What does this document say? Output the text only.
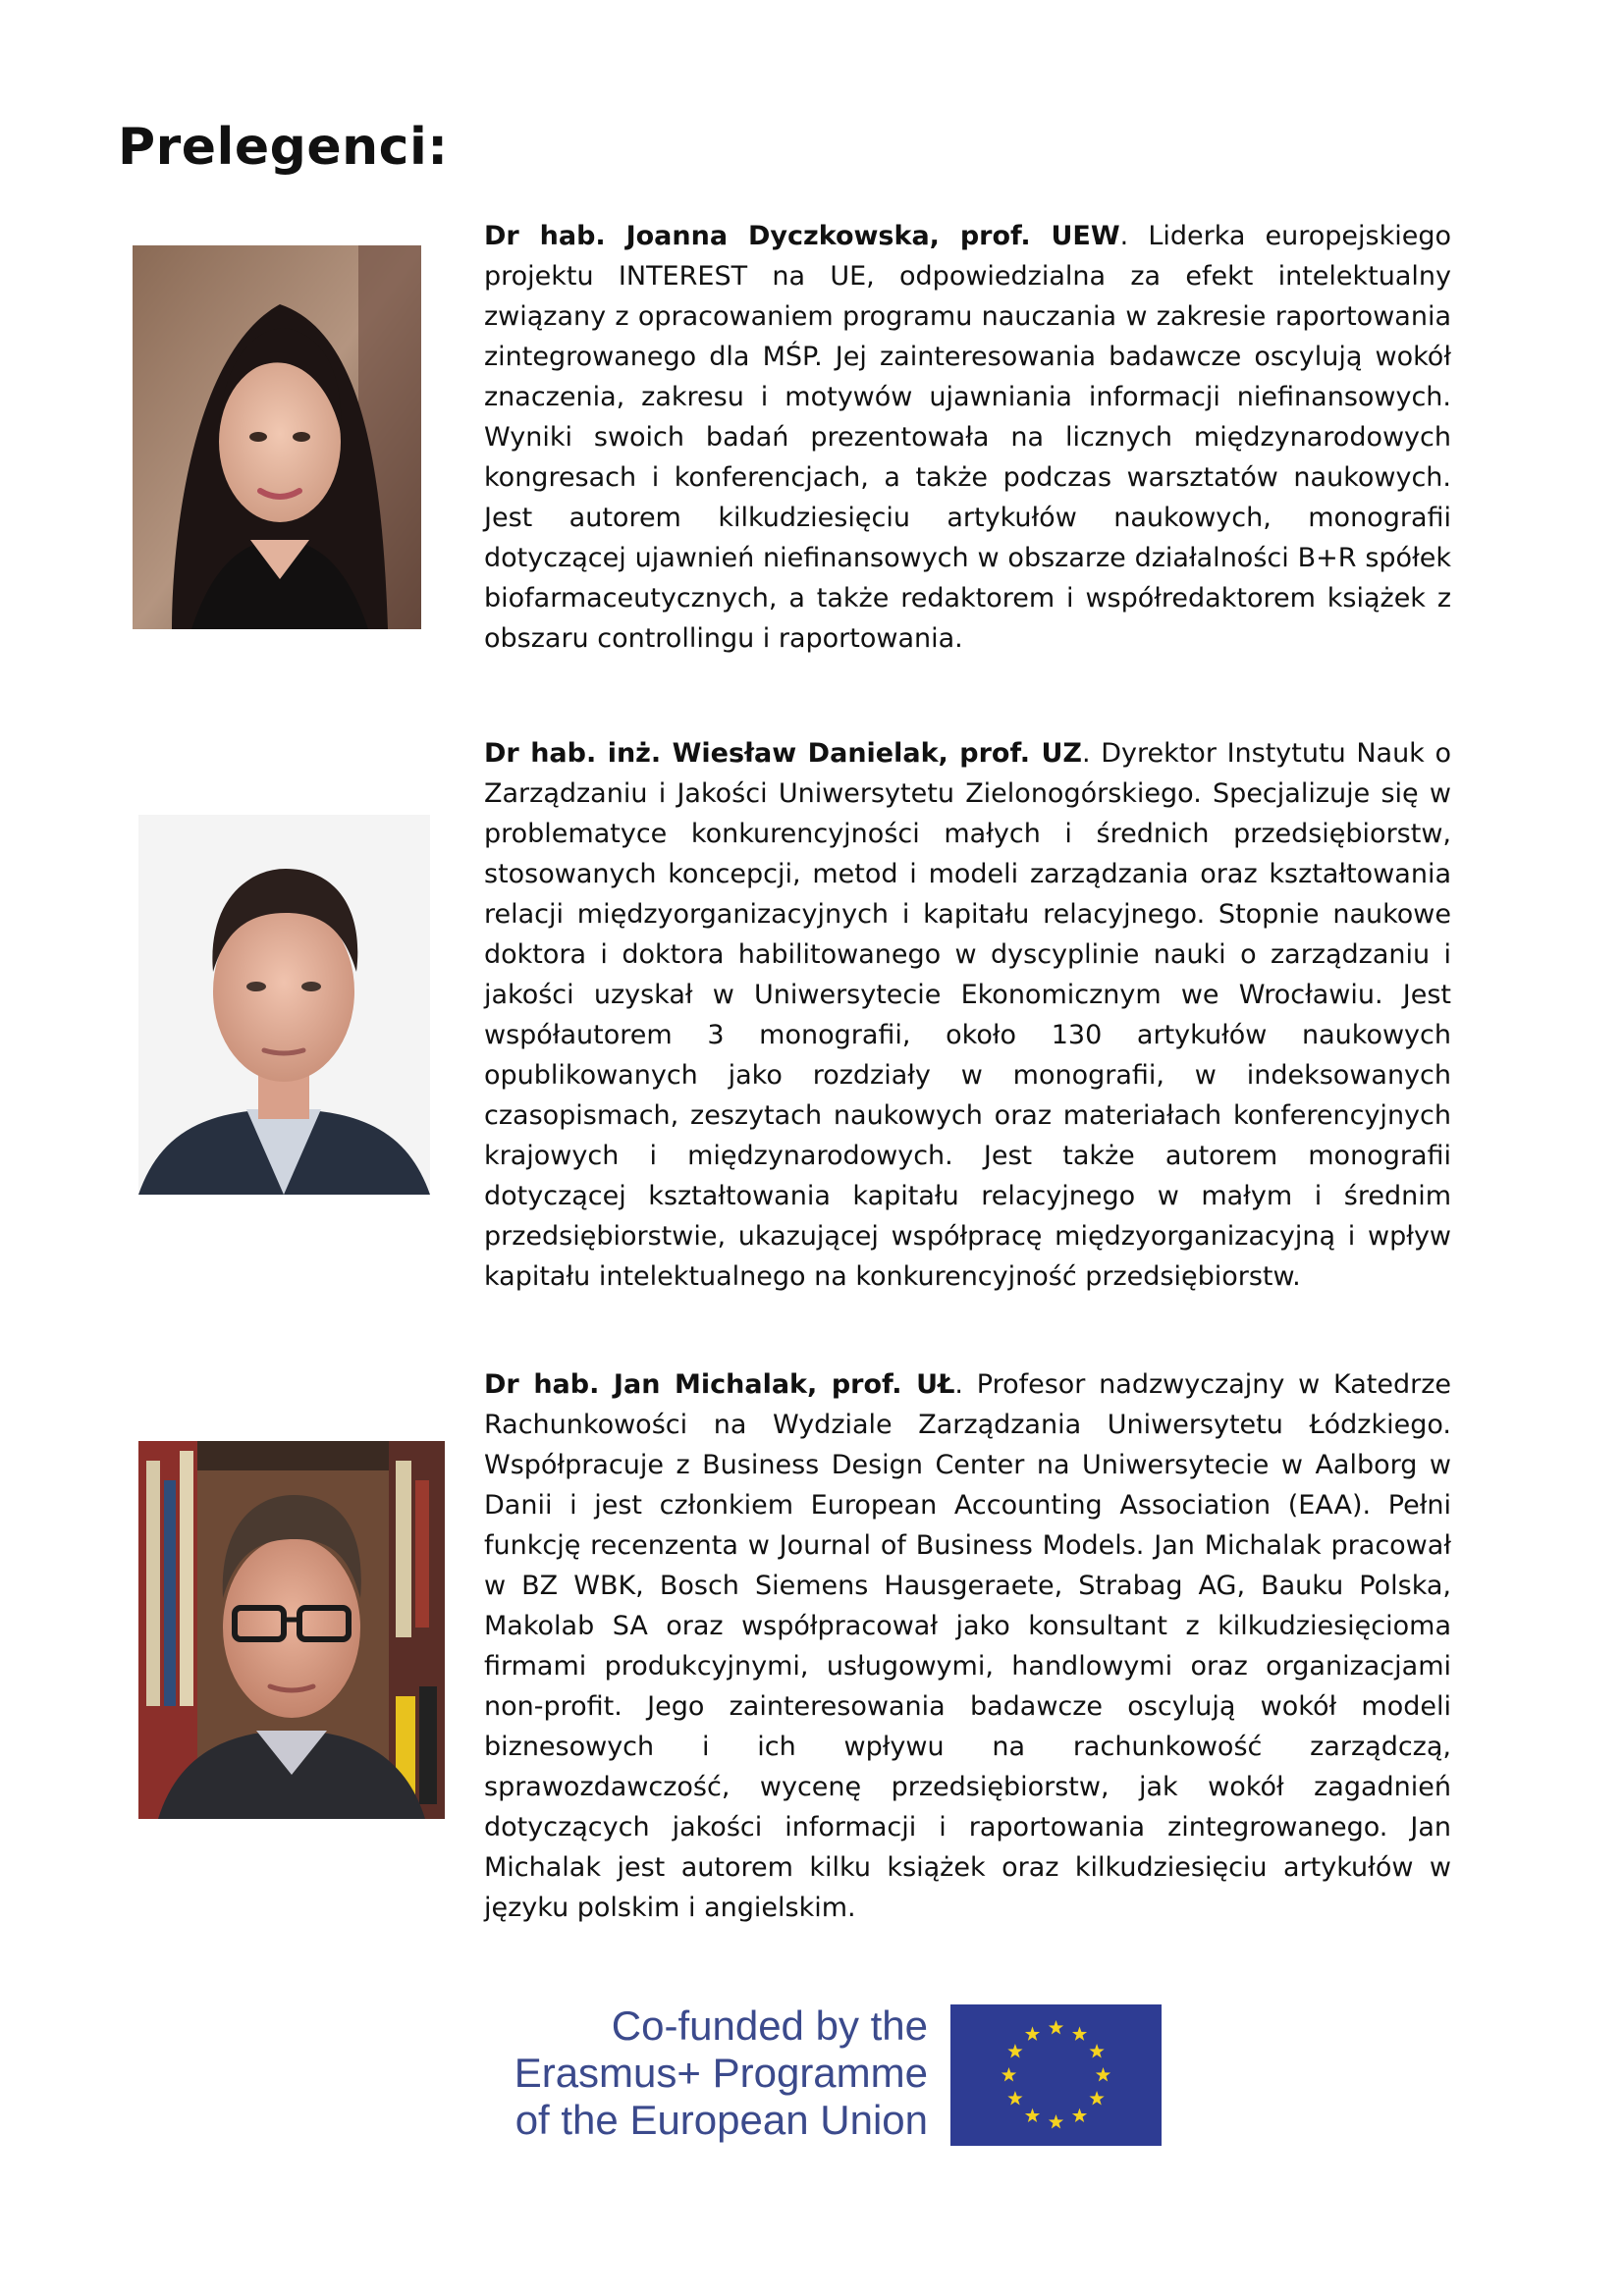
Prelegenci:

Dr hab. Joanna Dyczkowska, prof. UEW. Liderka europejskiego projektu INTEREST na UE, odpowiedzialna za efekt intelektualny związany z opracowaniem programu nauczania w zakresie raportowania zintegrowanego dla MŚP. Jej zainteresowania badawcze oscylują wokół znaczenia, zakresu i motywów ujawniania informacji niefinansowych. Wyniki swoich badań prezentowała na licznych międzynarodowych kongresach i konferencjach, a także podczas warsztatów naukowych. Jest autorem kilkudziesięciu artykułów naukowych, monografii dotyczącej ujawnień niefinansowych w obszarze działalności B+R spółek biofarmaceutycznych, a także redaktorem i współredaktorem książek z obszaru controllingu i raportowania.

Dr hab. inż. Wiesław Danielak, prof. UZ. Dyrektor Instytutu Nauk o Zarządzaniu i Jakości Uniwersytetu Zielonogórskiego. Specjalizuje się w problematyce konkurencyjności małych i średnich przedsiębiorstw, stosowanych koncepcji, metod i modeli zarządzania oraz kształtowania relacji międzyorganizacyjnych i kapitału relacyjnego. Stopnie naukowe doktora i doktora habilitowanego w dyscyplinie nauki o zarządzaniu i jakości uzyskał w Uniwersytecie Ekonomicznym we Wrocławiu. Jest współautorem 3 monografii, około 130 artykułów naukowych opublikowanych jako rozdziały w monografii, w indeksowanych czasopismach, zeszytach naukowych oraz materiałach konferencyjnych krajowych i międzynarodowych. Jest także autorem monografii dotyczącej kształtowania kapitału relacyjnego w małym i średnim przedsiębiorstwie, ukazującej współpracę międzyorganizacyjną i wpływ kapitału intelektualnego na konkurencyjność przedsiębiorstw.

Dr hab. Jan Michalak, prof. UŁ. Profesor nadzwyczajny w Katedrze Rachunkowości na Wydziale Zarządzania Uniwersytetu Łódzkiego. Współpracuje z Business Design Center na Uniwersytecie w Aalborg w Danii i jest członkiem European Accounting Association (EAA). Pełni funkcję recenzenta w Journal of Business Models. Jan Michalak pracował w BZ WBK, Bosch Siemens Hausgeraete, Strabag AG, Bauku Polska, Makolab SA oraz współpracował jako konsultant z kilkudziesięcioma firmami produkcyjnymi, usługowymi, handlowymi oraz organizacjami non-profit. Jego zainteresowania badawcze oscylują wokół modeli biznesowych i ich wpływu na rachunkowość zarządczą, sprawozdawczość, wycenę przedsiębiorstw, jak wokół zagadnień dotyczących jakości informacji i raportowania zintegrowanego. Jan Michalak jest autorem kilku książek oraz kilkudziesięciu artykułów w języku polskim i angielskim.

Co-funded by the
Erasmus+ Programme
of the European Union
